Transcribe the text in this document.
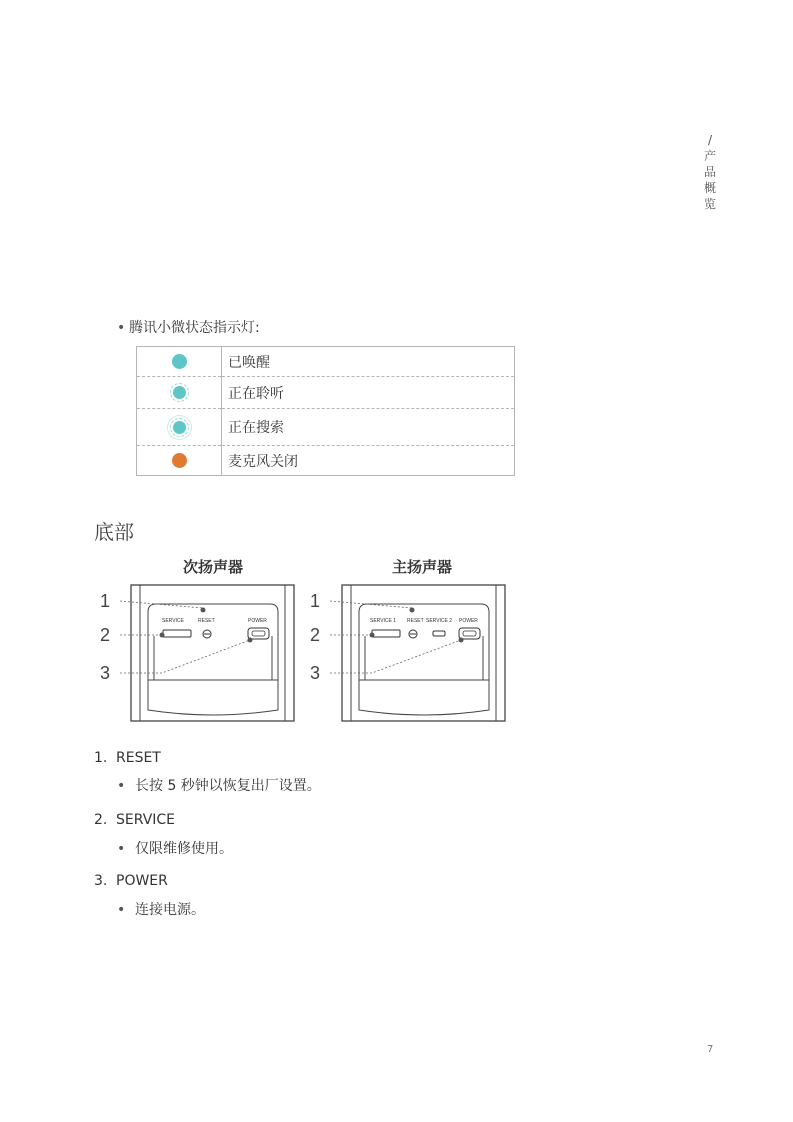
/
产
品
概
览
• 腾讯小微状态指示灯:
	已唤醒
	正在聆听
	正在搜索
	麦克风关闭
底部
次扬声器	主扬声器
1
2
3
SERVICE	RESET	POWER
1
2
3
SERVICE 1 RESET SERVICE 2 POWER
1. RESET
• 长按 5 秒钟以恢复出厂设置。
2. SERVICE
• 仅限维修使用。
3. POWER
• 连接电源。
7
